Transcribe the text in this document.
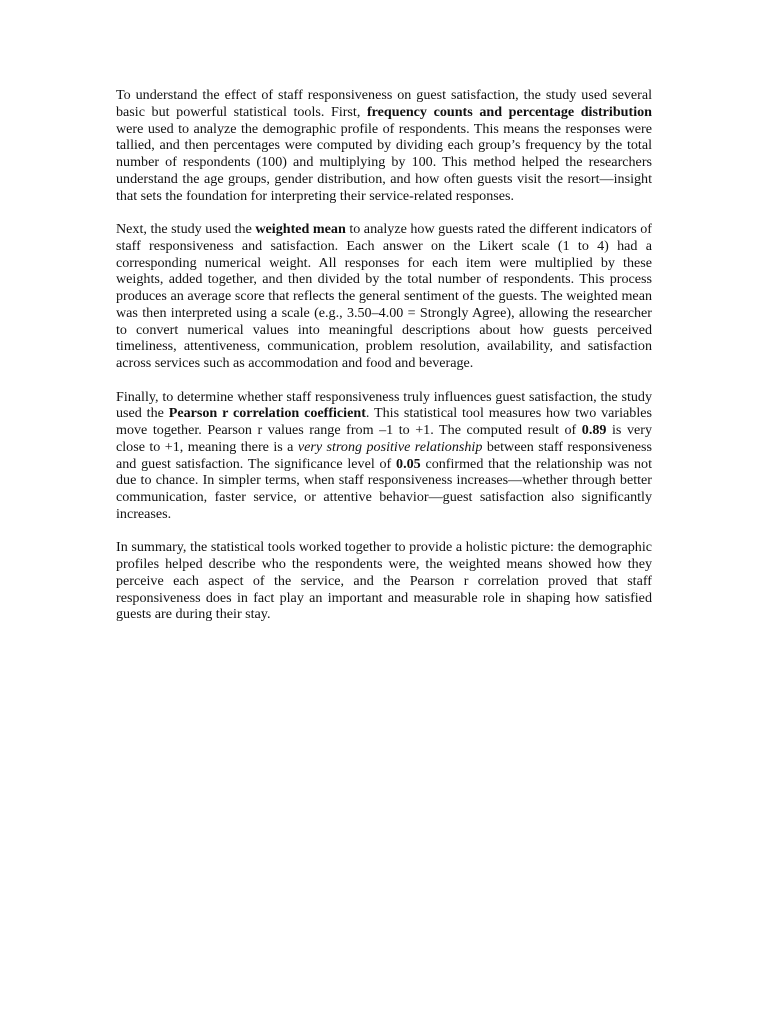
To understand the effect of staff responsiveness on guest satisfaction, the study used several basic but powerful statistical tools. First, frequency counts and percentage distribution were used to analyze the demographic profile of respondents. This means the responses were tallied, and then percentages were computed by dividing each group’s frequency by the total number of respondents (100) and multiplying by 100. This method helped the researchers understand the age groups, gender distribution, and how often guests visit the resort—insight that sets the foundation for interpreting their service-related responses.

Next, the study used the weighted mean to analyze how guests rated the different indicators of staff responsiveness and satisfaction. Each answer on the Likert scale (1 to 4) had a corresponding numerical weight. All responses for each item were multiplied by these weights, added together, and then divided by the total number of respondents. This process produces an average score that reflects the general sentiment of the guests. The weighted mean was then interpreted using a scale (e.g., 3.50–4.00 = Strongly Agree), allowing the researcher to convert numerical values into meaningful descriptions about how guests perceived timeliness, attentiveness, communication, problem resolution, availability, and satisfaction across services such as accommodation and food and beverage.

Finally, to determine whether staff responsiveness truly influences guest satisfaction, the study used the Pearson r correlation coefficient. This statistical tool measures how two variables move together. Pearson r values range from –1 to +1. The computed result of 0.89 is very close to +1, meaning there is a very strong positive relationship between staff responsiveness and guest satisfaction. The significance level of 0.05 confirmed that the relationship was not due to chance. In simpler terms, when staff responsiveness increases—whether through better communication, faster service, or attentive behavior—guest satisfaction also significantly increases.

In summary, the statistical tools worked together to provide a holistic picture: the demographic profiles helped describe who the respondents were, the weighted means showed how they perceive each aspect of the service, and the Pearson r correlation proved that staff responsiveness does in fact play an important and measurable role in shaping how satisfied guests are during their stay.
